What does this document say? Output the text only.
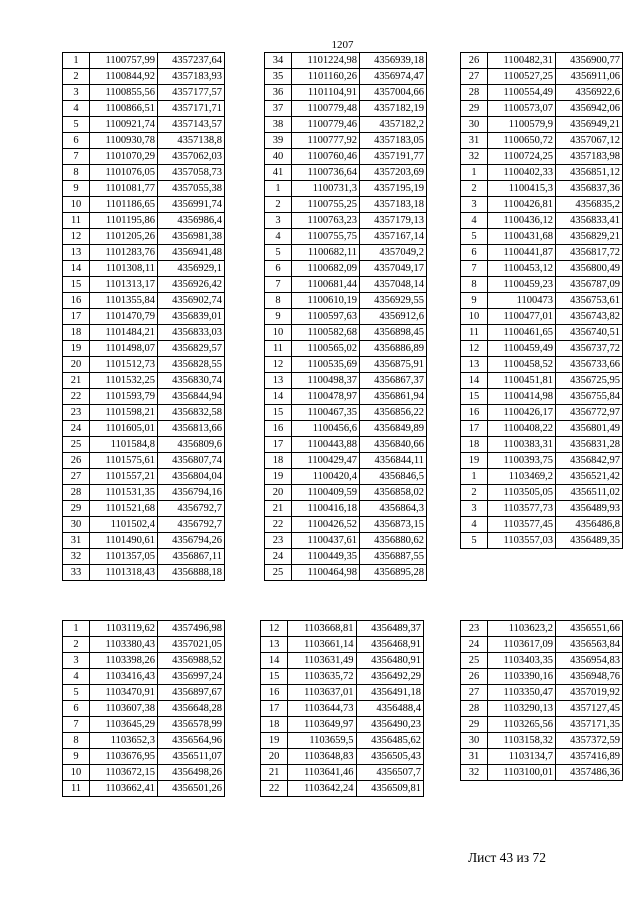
1207
1	1100757,99	4357237,64
2	1100844,92	4357183,93
3	1100855,56	4357177,57
4	1100866,51	4357171,71
5	1100921,74	4357143,57
6	1100930,78	4357138,8
7	1101070,29	4357062,03
8	1101076,05	4357058,73
9	1101081,77	4357055,38
10	1101186,65	4356991,74
11	1101195,86	4356986,4
12	1101205,26	4356981,38
13	1101283,76	4356941,48
14	1101308,11	4356929,1
15	1101313,17	4356926,42
16	1101355,84	4356902,74
17	1101470,79	4356839,01
18	1101484,21	4356833,03
19	1101498,07	4356829,57
20	1101512,73	4356828,55
21	1101532,25	4356830,74
22	1101593,79	4356844,94
23	1101598,21	4356832,58
24	1101605,01	4356813,66
25	1101584,8	4356809,6
26	1101575,61	4356807,74
27	1101557,21	4356804,04
28	1101531,35	4356794,16
29	1101521,68	4356792,7
30	1101502,4	4356792,7
31	1101490,61	4356794,26
32	1101357,05	4356867,11
33	1101318,43	4356888,18
34	1101224,98	4356939,18
35	1101160,26	4356974,47
36	1101104,91	4357004,66
37	1100779,48	4357182,19
38	1100779,46	4357182,2
39	1100777,92	4357183,05
40	1100760,46	4357191,77
41	1100736,64	4357203,69
1	1100731,3	4357195,19
2	1100755,25	4357183,18
3	1100763,23	4357179,13
4	1100755,75	4357167,14
5	1100682,11	4357049,2
6	1100682,09	4357049,17
7	1100681,44	4357048,14
8	1100610,19	4356929,55
9	1100597,63	4356912,6
10	1100582,68	4356898,45
11	1100565,02	4356886,89
12	1100535,69	4356875,91
13	1100498,37	4356867,37
14	1100478,97	4356861,94
15	1100467,35	4356856,22
16	1100456,6	4356849,89
17	1100443,88	4356840,66
18	1100429,47	4356844,11
19	1100420,4	4356846,5
20	1100409,59	4356858,02
21	1100416,18	4356864,3
22	1100426,52	4356873,15
23	1100437,61	4356880,62
24	1100449,35	4356887,55
25	1100464,98	4356895,28
26	1100482,31	4356900,77
27	1100527,25	4356911,06
28	1100554,49	4356922,6
29	1100573,07	4356942,06
30	1100579,9	4356949,21
31	1100650,72	4357067,12
32	1100724,25	4357183,98
1	1100402,33	4356851,12
2	1100415,3	4356837,36
3	1100426,81	4356835,2
4	1100436,12	4356833,41
5	1100431,68	4356829,21
6	1100441,87	4356817,72
7	1100453,12	4356800,49
8	1100459,23	4356787,09
9	1100473	4356753,61
10	1100477,01	4356743,82
11	1100461,65	4356740,51
12	1100459,49	4356737,72
13	1100458,52	4356733,66
14	1100451,81	4356725,95
15	1100414,98	4356755,84
16	1100426,17	4356772,97
17	1100408,22	4356801,49
18	1100383,31	4356831,28
19	1100393,75	4356842,97
1	1103469,2	4356521,42
2	1103505,05	4356511,02
3	1103577,73	4356489,93
4	1103577,45	4356486,8
5	1103557,03	4356489,35
1	1103119,62	4357496,98
2	1103380,43	4357021,05
3	1103398,26	4356988,52
4	1103416,43	4356997,24
5	1103470,91	4356897,67
6	1103607,38	4356648,28
7	1103645,29	4356578,99
8	1103652,3	4356564,96
9	1103676,95	4356511,07
10	1103672,15	4356498,26
11	1103662,41	4356501,26
12	1103668,81	4356489,37
13	1103661,14	4356468,91
14	1103631,49	4356480,91
15	1103635,72	4356492,29
16	1103637,01	4356491,18
17	1103644,73	4356488,4
18	1103649,97	4356490,23
19	1103659,5	4356485,62
20	1103648,83	4356505,43
21	1103641,46	4356507,7
22	1103642,24	4356509,81
23	1103623,2	4356551,66
24	1103617,09	4356563,84
25	1103403,35	4356954,83
26	1103390,16	4356948,76
27	1103350,47	4357019,92
28	1103290,13	4357127,45
29	1103265,56	4357171,35
30	1103158,32	4357372,59
31	1103134,7	4357416,89
32	1103100,01	4357486,36
Лист 43 из 72
